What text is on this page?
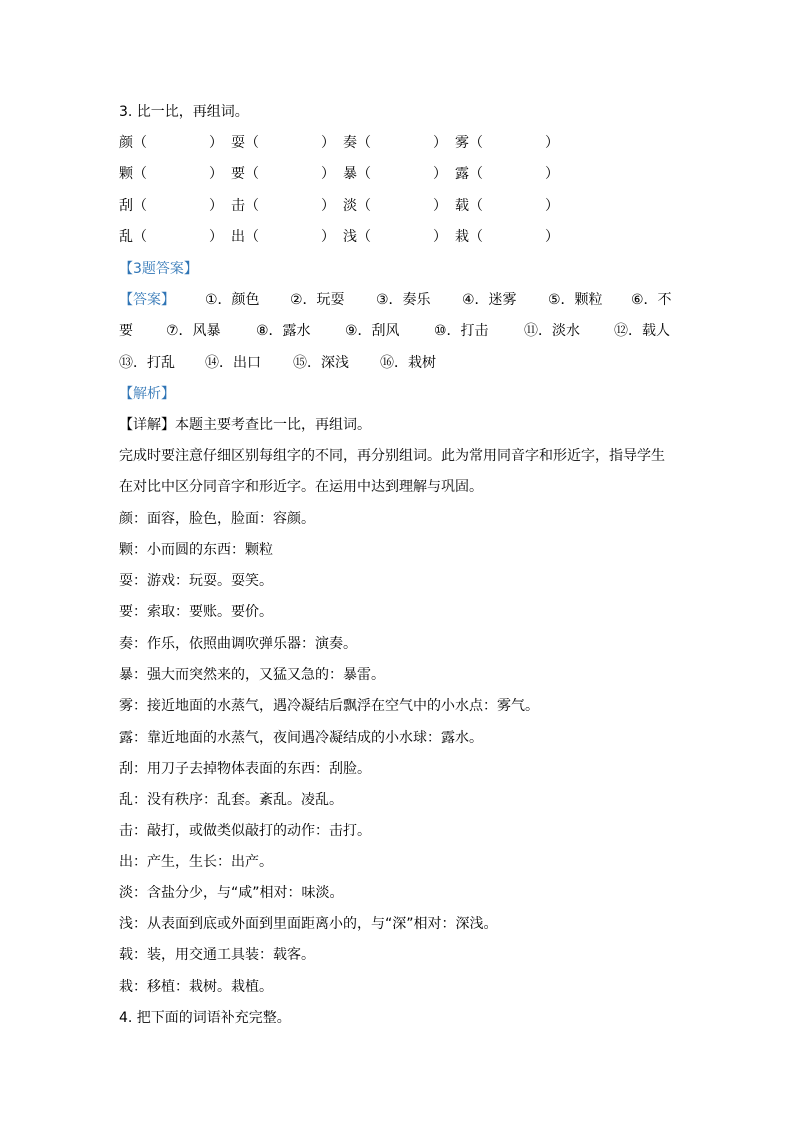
3. 比一比，再组词。
颜（	） 耍（	） 奏（	） 雾（	）
颗（	） 要（	） 暴（	） 露（	）
刮（	） 击（	） 淡（	） 载（	）
乱（	） 出（	） 浅（	） 栽（	）
【3题答案】
【答案】 ①．颜色 ②．玩耍 ③．奏乐 ④．迷雾 ⑤．颗粒 ⑥．不
要 ⑦．风暴	⑧．露水 ⑨．刮风 ⑩．打击	⑪．淡水 ⑫．载人
⑬．打乱 ⑭．出口 ⑮．深浅 ⑯．栽树
【解析】
【详解】本题主要考查比一比，再组词。
完成时要注意仔细区别每组字的不同，再分别组词。此为常用同音字和形近字，指导学生
在对比中区分同音字和形近字。在运用中达到理解与巩固。
颜：面容，脸色，脸面：容颜。
颗：小而圆的东西：颗粒
耍：游戏：玩耍。耍笑。
要：索取：要账。要价。
奏：作乐，依照曲调吹弹乐器：演奏。
暴：强大而突然来的，又猛又急的：暴雷。
雾：接近地面的水蒸气，遇冷凝结后飘浮在空气中的小水点：雾气。
露：靠近地面的水蒸气，夜间遇冷凝结成的小水球：露水。
刮：用刀子去掉物体表面的东西：刮脸。
乱：没有秩序：乱套。紊乱。凌乱。
击：敲打，或做类似敲打的动作：击打。
出：产生，生长：出产。
淡：含盐分少，与“咸”相对：味淡。
浅：从表面到底或外面到里面距离小的，与“深”相对：深浅。
载：装，用交通工具装：载客。
栽：移植：栽树。栽植。
4. 把下面的词语补充完整。
